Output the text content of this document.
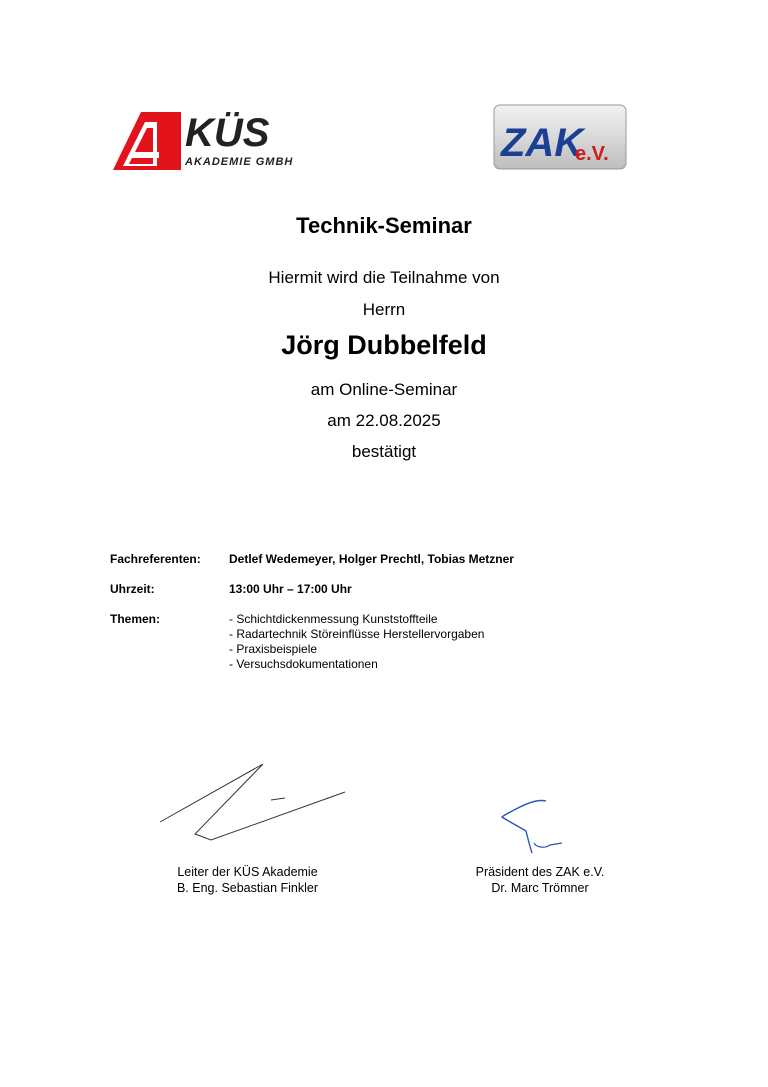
KÜS
AKADEMIE GMBH	ZAK
e.V.
Technik-Seminar
Hiermit wird die Teilnahme von
Herrn
Jörg Dubbelfeld
am Online-Seminar
am 22.08.2025
bestätigt
Fachreferenten: Detlef Wedemeyer, Holger Prechtl, Tobias Metzner
Uhrzeit:	13:00 Uhr – 17:00 Uhr
Themen:	- Schichtdickenmessung Kunststoffteile
- Radartechnik Störeinflüsse Herstellervorgaben
- Praxisbeispiele
- Versuchsdokumentationen
Leiter der KÜS Akademie
B. Eng. Sebastian Finkler
Präsident des ZAK e.V.
Dr. Marc Trömner
